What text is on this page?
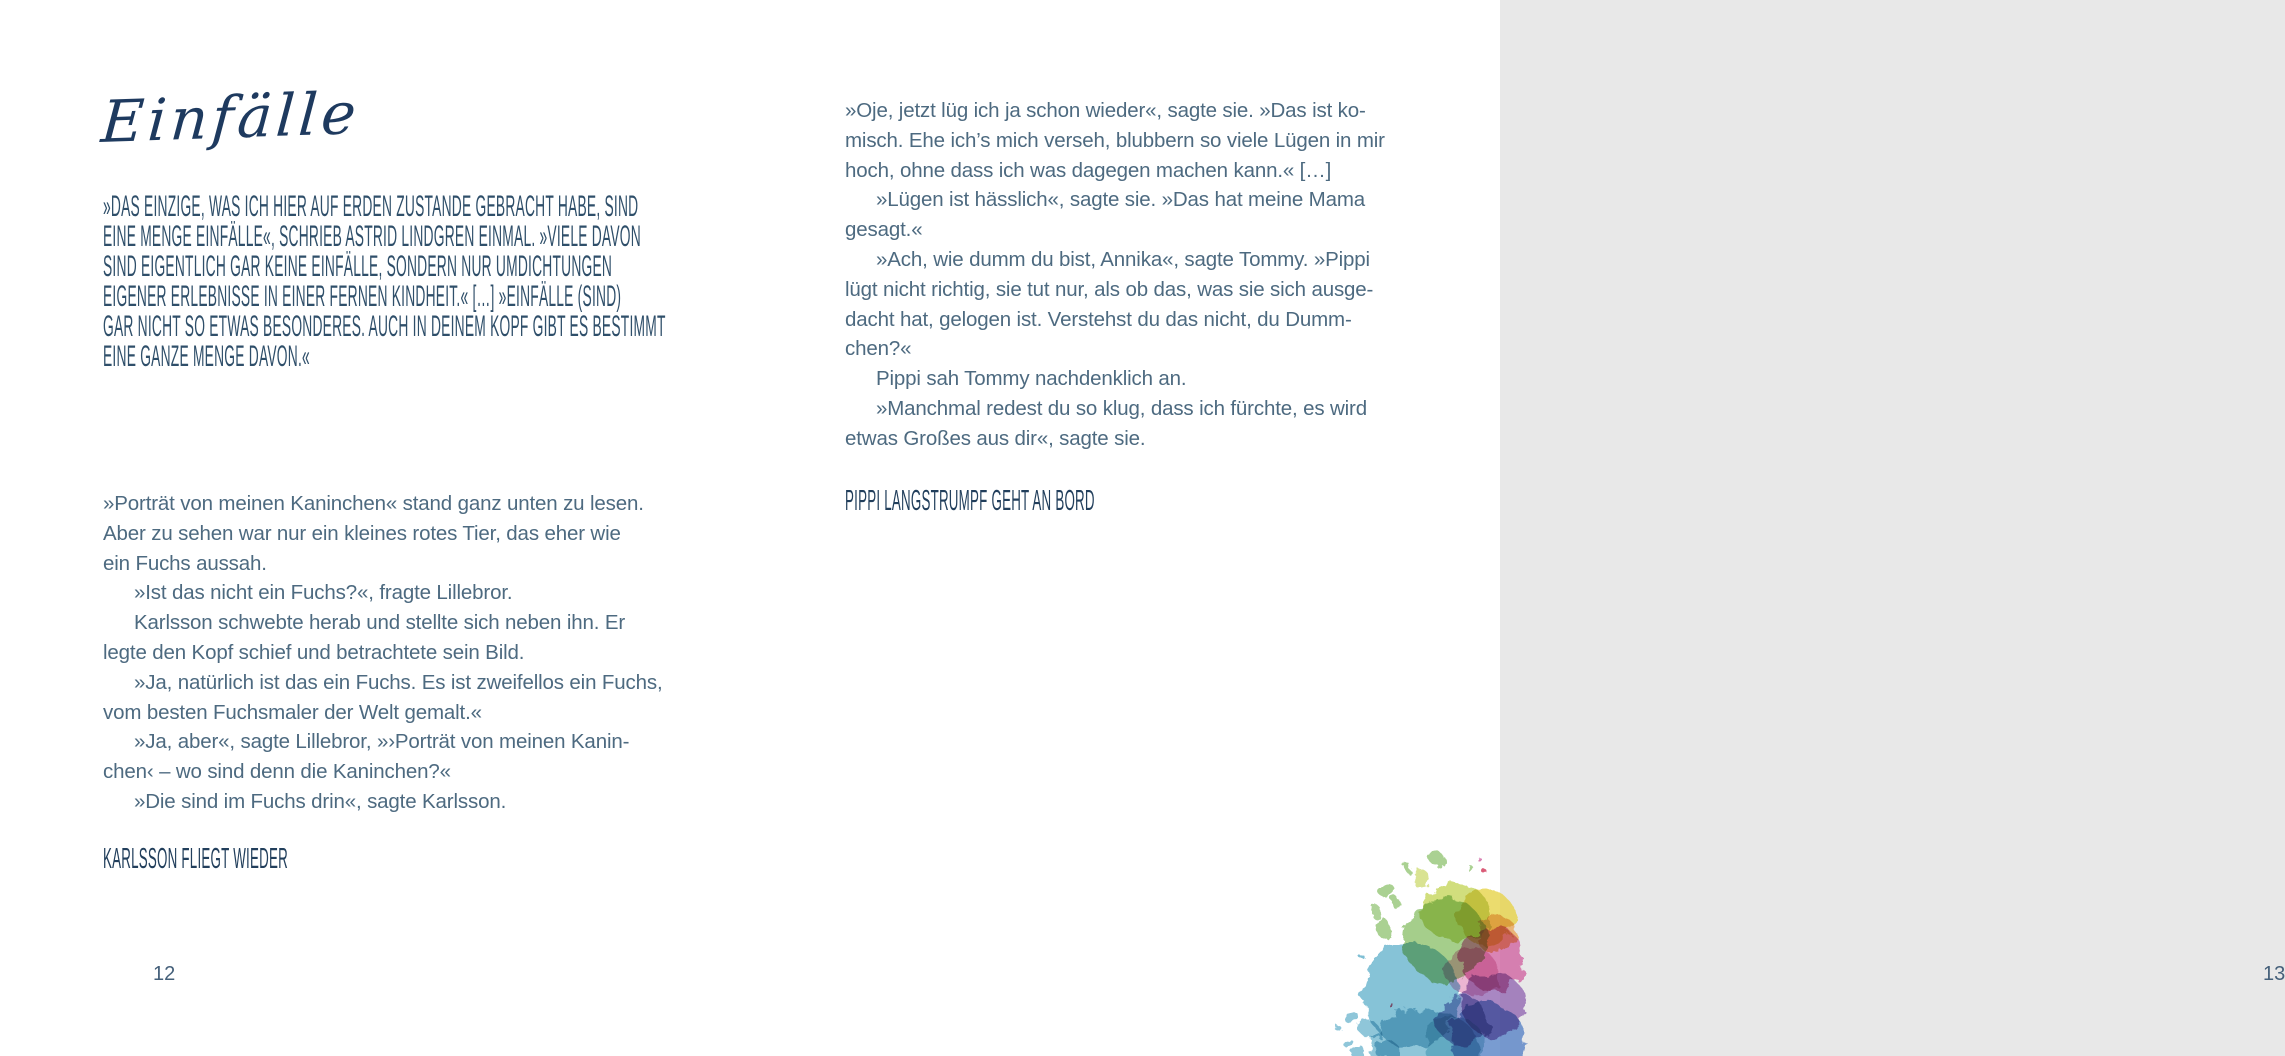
Einfälle
»DAS EINZIGE, WAS ICH HIER AUF ERDEN ZUSTANDE GEBRACHT HABE, SIND
EINE MENGE EINFÄLLE«, SCHRIEB ASTRID LINDGREN EINMAL. »VIELE DAVON
SIND EIGENTLICH GAR KEINE EINFÄLLE, SONDERN NUR UMDICHTUNGEN
EIGENER ERLEBNISSE IN EINER FERNEN KINDHEIT.« […] »EINFÄLLE (SIND)
GAR NICHT SO ETWAS BESONDERES. AUCH IN DEINEM KOPF GIBT ES BESTIMMT
EINE GANZE MENGE DAVON.«
»Porträt von meinen Kaninchen« stand ganz unten zu lesen.
Aber zu sehen war nur ein kleines rotes Tier, das eher wie
ein Fuchs aussah.
»Ist das nicht ein Fuchs?«, fragte Lillebror.
Karlsson schwebte herab und stellte sich neben ihn. Er
legte den Kopf schief und betrachtete sein Bild.
»Ja, natürlich ist das ein Fuchs. Es ist zweifellos ein Fuchs,
vom besten Fuchsmaler der Welt gemalt.«
»Ja, aber«, sagte Lillebror, »›Porträt von meinen Kanin-
chen‹ – wo sind denn die Kaninchen?«
»Die sind im Fuchs drin«, sagte Karlsson.
KARLSSON FLIEGT WIEDER
12
»Oje, jetzt lüg ich ja schon wieder«, sagte sie. »Das ist ko-
misch. Ehe ich’s mich verseh, blubbern so viele Lügen in mir
hoch, ohne dass ich was dagegen machen kann.« […]
»Lügen ist hässlich«, sagte sie. »Das hat meine Mama
gesagt.«
»Ach, wie dumm du bist, Annika«, sagte Tommy. »Pippi
lügt nicht richtig, sie tut nur, als ob das, was sie sich ausge-
dacht hat, gelogen ist. Verstehst du das nicht, du Dumm-
chen?«
Pippi sah Tommy nachdenklich an.
»Manchmal redest du so klug, dass ich fürchte, es wird
etwas Großes aus dir«, sagte sie.
PIPPI LANGSTRUMPF GEHT AN BORD
13
